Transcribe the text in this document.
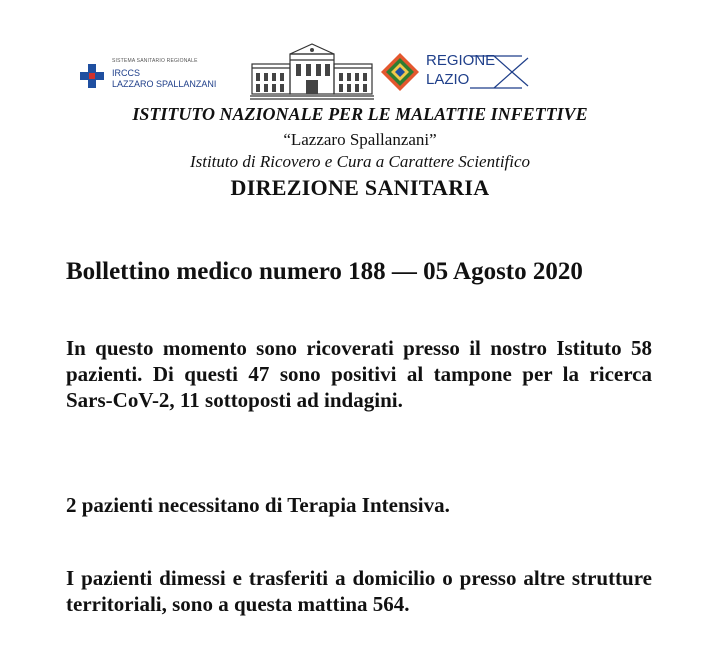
SISTEMA SANITARIO REGIONALE
IRCCS
LAZZARO SPALLANZANI
REGIONE
LAZIO
ISTITUTO NAZIONALE PER LE MALATTIE INFETTIVE
“Lazzaro Spallanzani”
Istituto di Ricovero e Cura a Carattere Scientifico
DIREZIONE SANITARIA
Bollettino medico numero 188 — 05 Agosto 2020
In questo momento sono ricoverati presso il nostro Istituto 58 pazienti. Di questi 47 sono positivi al tampone per la ricerca Sars-CoV-2, 11 sottoposti ad indagini.
2 pazienti necessitano di Terapia Intensiva.
I pazienti dimessi e trasferiti a domicilio o presso altre strutture territoriali, sono a questa mattina 564.
